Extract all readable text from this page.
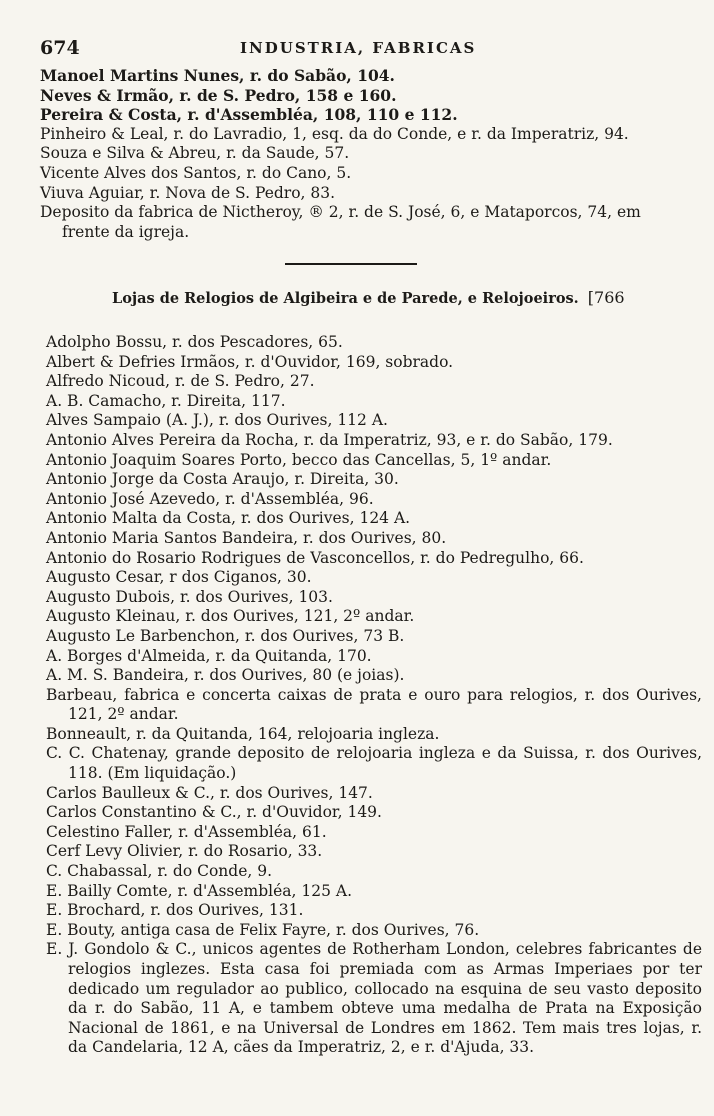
674	INDUSTRIA, FABRICAS
Manoel Martins Nunes, r. do Sabão, 104.
Neves & Irmão, r. de S. Pedro, 158 e 160.
Pereira & Costa, r. d'Assembléa, 108, 110 e 112.
Pinheiro & Leal, r. do Lavradio, 1, esq. da do Conde, e r. da Imperatriz, 94.
Souza e Silva & Abreu, r. da Saude, 57.
Vicente Alves dos Santos, r. do Cano, 5.
Viuva Aguiar, r. Nova de S. Pedro, 83.
Deposito da fabrica de Nictheroy, ® 2, r. de S. José, 6, e Mataporcos, 74, em frente da igreja.
Lojas de Relogios de Algibeira e de Parede, e Relojoeiros. [766
Adolpho Bossu, r. dos Pescadores, 65.
Albert & Defries Irmãos, r. d'Ouvidor, 169, sobrado.
Alfredo Nicoud, r. de S. Pedro, 27.
A. B. Camacho, r. Direita, 117.
Alves Sampaio (A. J.), r. dos Ourives, 112 A.
Antonio Alves Pereira da Rocha, r. da Imperatriz, 93, e r. do Sabão, 179.
Antonio Joaquim Soares Porto, becco das Cancellas, 5, 1º andar.
Antonio Jorge da Costa Araujo, r. Direita, 30.
Antonio José Azevedo, r. d'Assembléa, 96.
Antonio Malta da Costa, r. dos Ourives, 124 A.
Antonio Maria Santos Bandeira, r. dos Ourives, 80.
Antonio do Rosario Rodrigues de Vasconcellos, r. do Pedregulho, 66.
Augusto Cesar, r dos Ciganos, 30.
Augusto Dubois, r. dos Ourives, 103.
Augusto Kleinau, r. dos Ourives, 121, 2º andar.
Augusto Le Barbenchon, r. dos Ourives, 73 B.
A. Borges d'Almeida, r. da Quitanda, 170.
A. M. S. Bandeira, r. dos Ourives, 80 (e joias).
Barbeau, fabrica e concerta caixas de prata e ouro para relogios, r. dos Ourives, 121, 2º andar.
Bonneault, r. da Quitanda, 164, relojoaria ingleza.
C. C. Chatenay, grande deposito de relojoaria ingleza e da Suissa, r. dos Ourives, 118. (Em liquidação.)
Carlos Baulleux & C., r. dos Ourives, 147.
Carlos Constantino & C., r. d'Ouvidor, 149.
Celestino Faller, r. d'Assembléa, 61.
Cerf Levy Olivier, r. do Rosario, 33.
C. Chabassal, r. do Conde, 9.
E. Bailly Comte, r. d'Assembléa, 125 A.
E. Brochard, r. dos Ourives, 131.
E. Bouty, antiga casa de Felix Fayre, r. dos Ourives, 76.
E. J. Gondolo & C., unicos agentes de Rotherham London, celebres fabricantes de relogios inglezes. Esta casa foi premiada com as Armas Imperiaes por ter dedicado um regulador ao publico, collocado na esquina de seu vasto deposito da r. do Sabão, 11 A, e tambem obteve uma medalha de Prata na Exposição Nacional de 1861, e na Universal de Londres em 1862. Tem mais tres lojas, r. da Candelaria, 12 A, cães da Imperatriz, 2, e r. d'Ajuda, 33.
